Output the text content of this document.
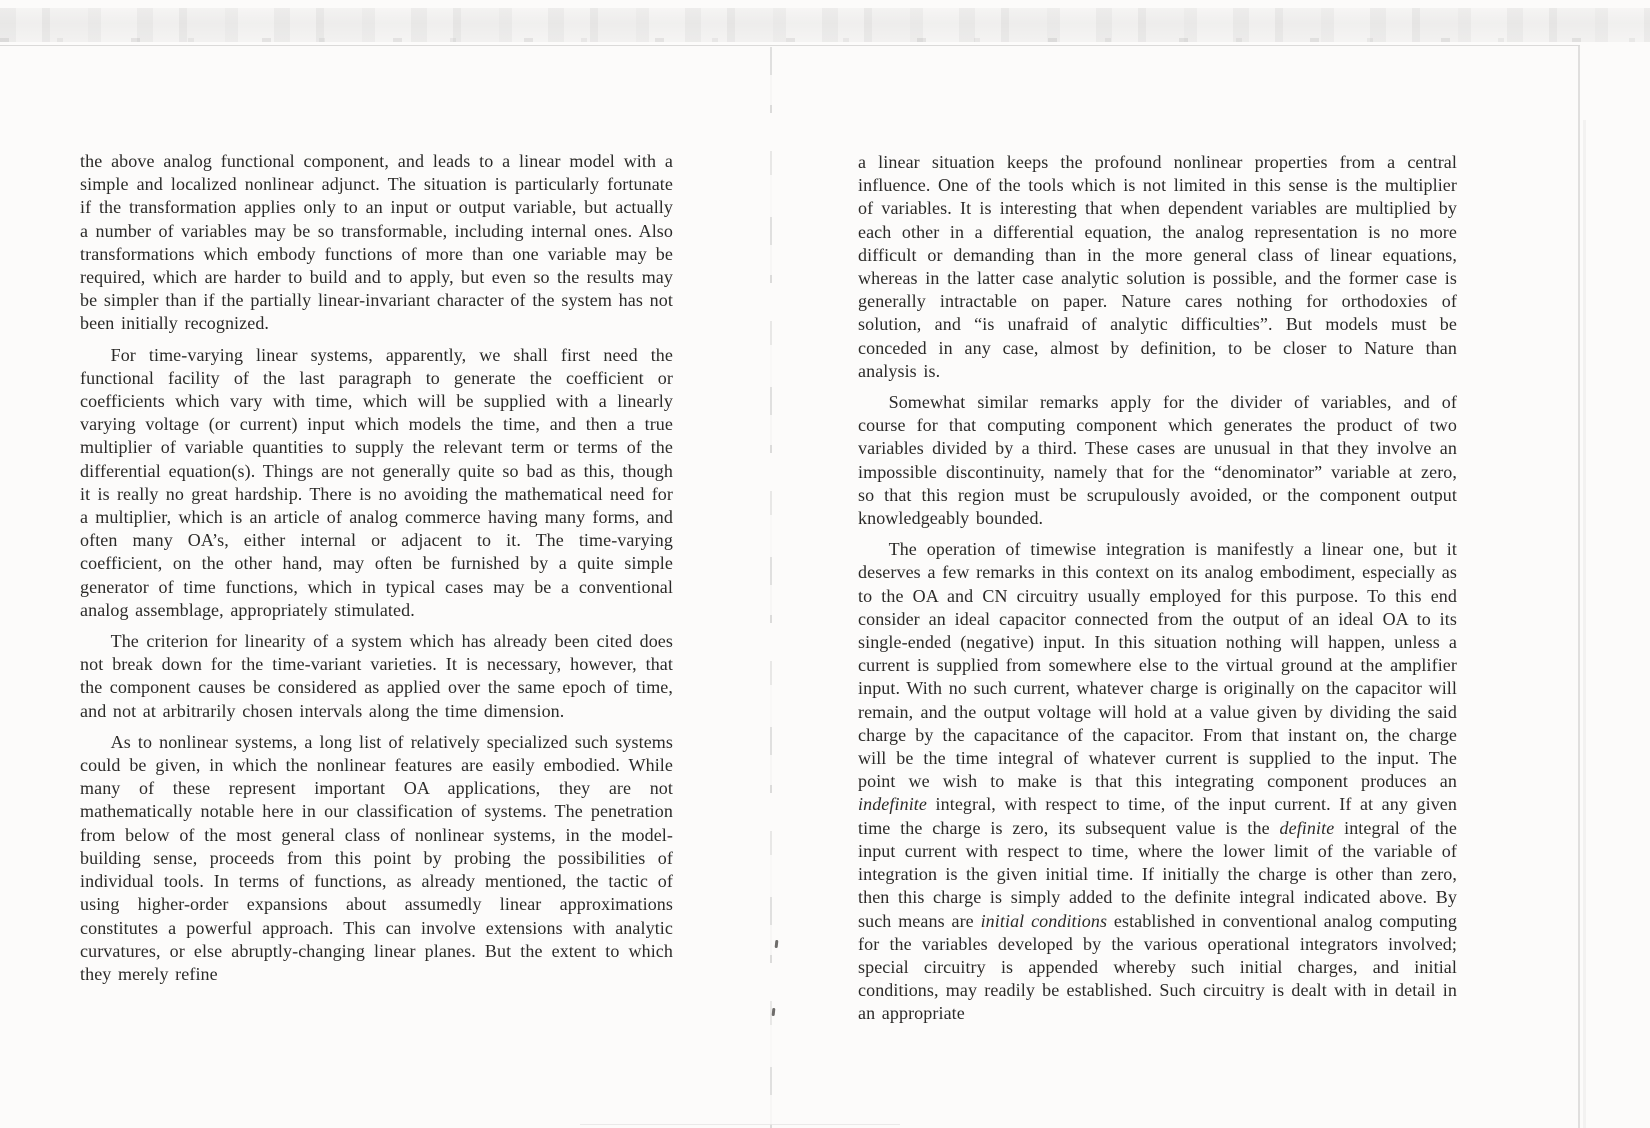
the above analog functional component, and leads to a linear model with a simple and localized nonlinear adjunct. The situation is particularly fortunate if the transformation applies only to an input or output variable, but actually a number of variables may be so transformable, including internal ones. Also transformations which embody functions of more than one variable may be required, which are harder to build and to apply, but even so the results may be simpler than if the partially linear-invariant character of the system has not been initially recognized.

For time-varying linear systems, apparently, we shall first need the functional facility of the last paragraph to generate the coefficient or coefficients which vary with time, which will be supplied with a linearly varying voltage (or current) input which models the time, and then a true multiplier of variable quantities to supply the relevant term or terms of the differential equation(s). Things are not generally quite so bad as this, though it is really no great hardship. There is no avoiding the mathematical need for a multiplier, which is an article of analog commerce having many forms, and often many OA’s, either internal or adjacent to it. The time-varying coefficient, on the other hand, may often be furnished by a quite simple generator of time functions, which in typical cases may be a conventional analog assemblage, appropriately stimulated.

The criterion for linearity of a system which has already been cited does not break down for the time-variant varieties. It is necessary, however, that the component causes be considered as applied over the same epoch of time, and not at arbitrarily chosen intervals along the time dimension.

As to nonlinear systems, a long list of relatively specialized such systems could be given, in which the nonlinear features are easily embodied. While many of these represent important OA applications, they are not mathematically notable here in our classification of systems. The penetration from below of the most general class of nonlinear systems, in the model-building sense, proceeds from this point by probing the possibilities of individual tools. In terms of functions, as already mentioned, the tactic of using higher-order expansions about assumedly linear approximations constitutes a powerful approach. This can involve extensions with analytic curvatures, or else abruptly-changing linear planes. But the extent to which they merely refine

a linear situation keeps the profound nonlinear properties from a central influence. One of the tools which is not limited in this sense is the multiplier of variables. It is interesting that when dependent variables are multiplied by each other in a differential equation, the analog representation is no more difficult or demanding than in the more general class of linear equations, whereas in the latter case analytic solution is possible, and the former case is generally intractable on paper. Nature cares nothing for orthodoxies of solution, and “is unafraid of analytic difficulties”. But models must be conceded in any case, almost by definition, to be closer to Nature than analysis is.

Somewhat similar remarks apply for the divider of variables, and of course for that computing component which generates the product of two variables divided by a third. These cases are unusual in that they involve an impossible discontinuity, namely that for the “denominator” variable at zero, so that this region must be scrupulously avoided, or the component output knowledgeably bounded.

The operation of timewise integration is manifestly a linear one, but it deserves a few remarks in this context on its analog embodiment, especially as to the OA and CN circuitry usually employed for this purpose. To this end consider an ideal capacitor connected from the output of an ideal OA to its single-ended (negative) input. In this situation nothing will happen, unless a current is supplied from somewhere else to the virtual ground at the amplifier input. With no such current, whatever charge is originally on the capacitor will remain, and the output voltage will hold at a value given by dividing the said charge by the capacitance of the capacitor. From that instant on, the charge will be the time integral of whatever current is supplied to the input. The point we wish to make is that this integrating component produces an indefinite integral, with respect to time, of the input current. If at any given time the charge is zero, its subsequent value is the definite integral of the input current with respect to time, where the lower limit of the variable of integration is the given initial time. If initially the charge is other than zero, then this charge is simply added to the definite integral indicated above. By such means are initial conditions established in conventional analog computing for the variables developed by the various operational integrators involved; special circuitry is appended whereby such initial charges, and initial conditions, may readily be established. Such circuitry is dealt with in detail in an appropriate
